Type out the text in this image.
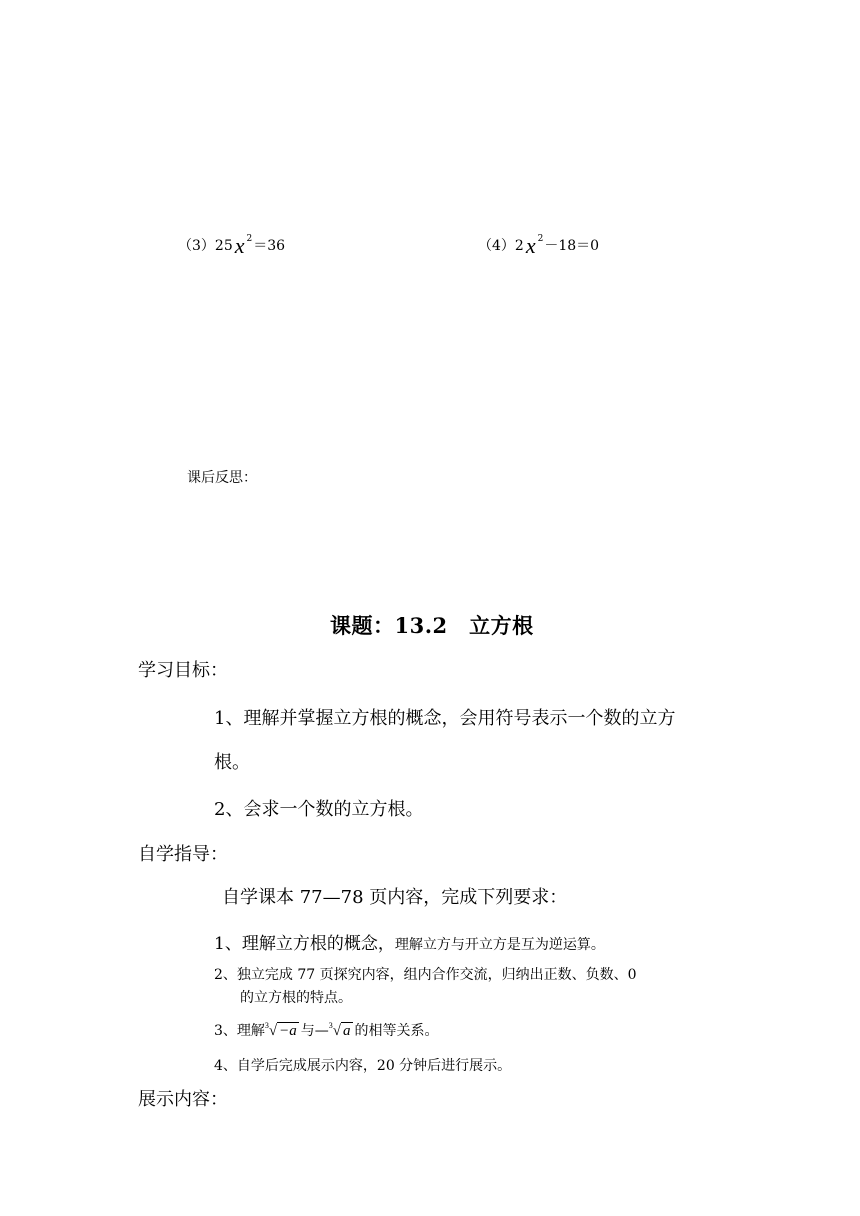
（3）25x $^2$＝36	（4）2x $^2$－18＝0
课后反思：
课题：13.2　立方根
学习目标：
1、理解并掌握立方根的概念，会用符号表示一个数的立方
根。
2、会求一个数的立方根。
自学指导：
自学课本 77—78 页内容，完成下列要求：
1、理解立方根的概念，理解立方与开立方是互为逆运算。
2、独立完成 77 页探究内容，组内合作交流，归纳出正数、负数、0
的立方根的特点。
3、理解 3 √ −a 与— 3 √ a 的相等关系。
4、自学后完成展示内容，20 分钟后进行展示。
展示内容：
